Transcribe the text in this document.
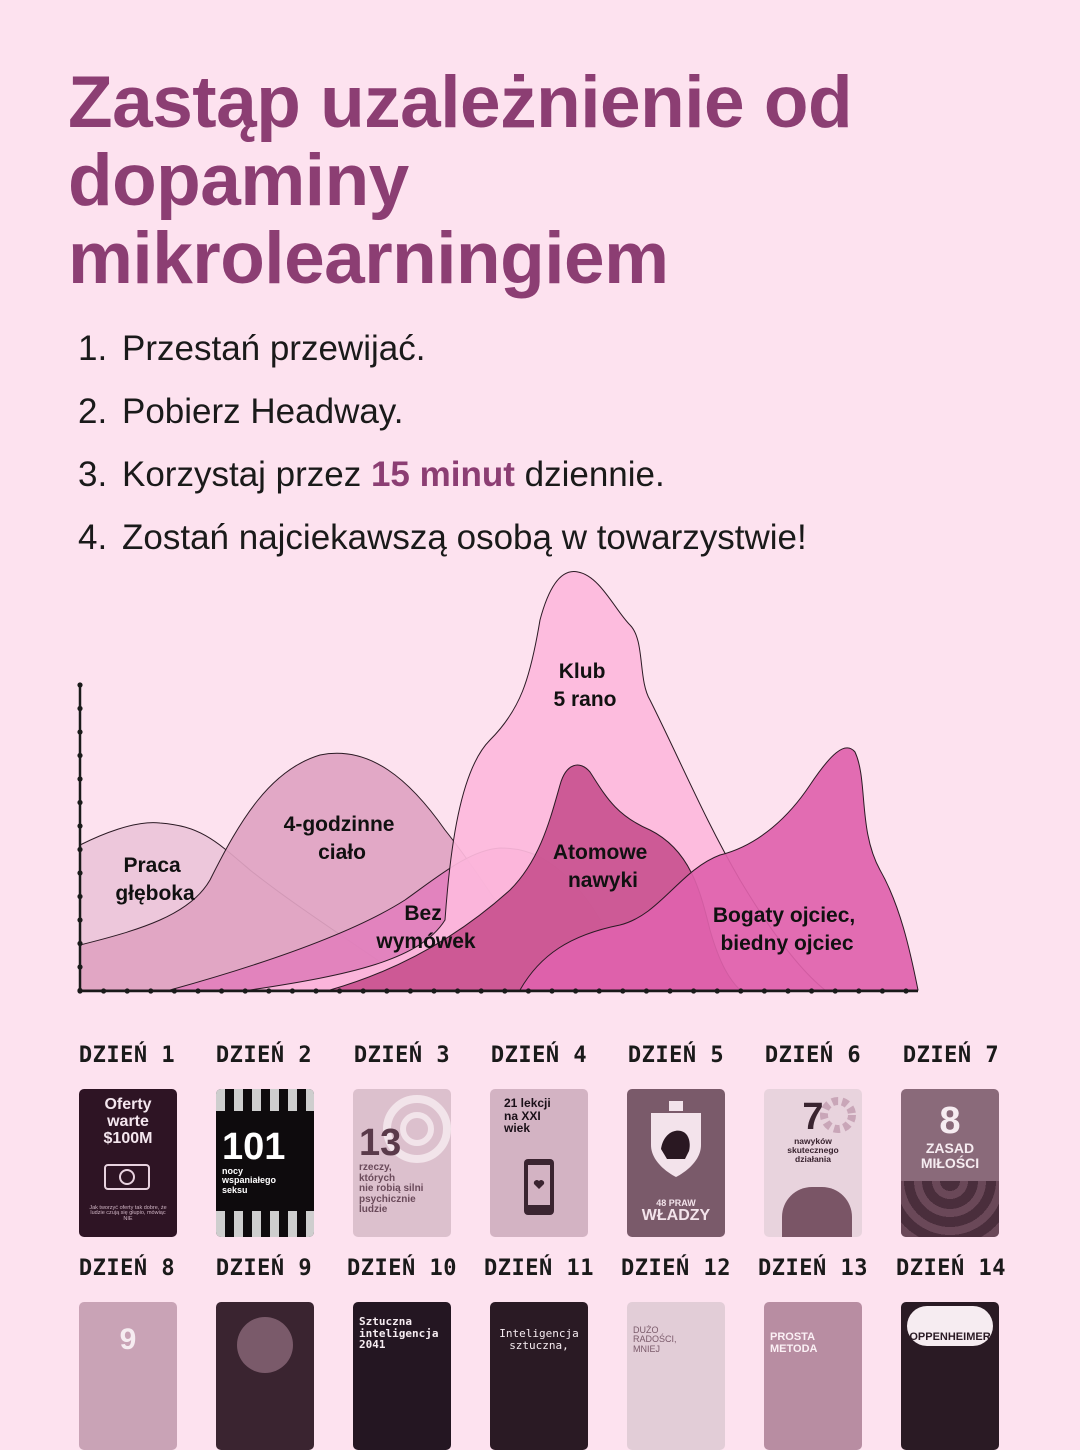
Zastąp uzależnienie od dopaminy mikrolearningiem
1. Przestań przewijać.
2. Pobierz Headway.
3. Korzystaj przez 15 minut dziennie.
4. Zostań najciekawszą osobą w towarzystwie!
Praca głęboka
4-godzinne ciało
Bez wymówek
Klub 5 rano
Atomowe nawyki
Bogaty ojciec, biedny ojciec
DZIEŃ 1	DZIEŃ 2	DZIEŃ 3	DZIEŃ 4	DZIEŃ 5	DZIEŃ 6	DZIEŃ 7
Oferty
warte
$100M
Jak tworzyć oferty tak dobre, że ludzie czują się głupio, mówiąc NIE
101
nocy
wspaniałego
seksu
13
rzeczy,
których
nie robią silni
psychicznie
ludzie
21 lekcji
na XXI
wiek
48 PRAW
WŁADZY
7
nawyków
skutecznego
działania
8
ZASAD
MIŁOŚCI
DZIEŃ 8	DZIEŃ 9	DZIEŃ 10	DZIEŃ 11	DZIEŃ 12	DZIEŃ 13	DZIEŃ 14
9
Sztuczna
inteligencja
2041
Inteligencja
sztuczna,
DUŻO
RADOŚCI,
MNIEJ
PROSTA
METODA
OPPENHEIMER
